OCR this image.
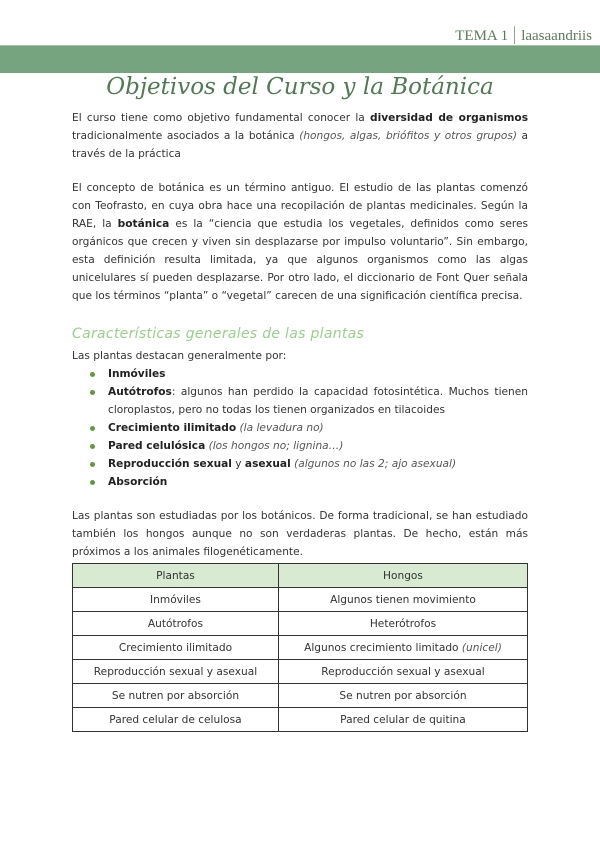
TEMA 1 laasaandriis
Objetivos del Curso y la Botánica

El curso tiene como objetivo fundamental conocer la diversidad de organismos tradicionalmente asociados a la botánica (hongos, algas, briófitos y otros grupos) a través de la práctica

El concepto de botánica es un término antiguo. El estudio de las plantas comenzó con Teofrasto, en cuya obra hace una recopilación de plantas medicinales. Según la RAE, la botánica es la “ciencia que estudia los vegetales, definidos como seres orgánicos que crecen y viven sin desplazarse por impulso voluntario”. Sin embargo, esta definición resulta limitada, ya que algunos organismos como las algas unicelulares sí pueden desplazarse. Por otro lado, el diccionario de Font Quer señala que los términos “planta” o “vegetal” carecen de una significación científica precisa.

Características generales de las plantas

Las plantas destacan generalmente por:

Inmóviles
Autótrofos: algunos han perdido la capacidad fotosintética. Muchos tienen cloroplastos, pero no todas los tienen organizados en tilacoides
Crecimiento ilimitado (la levadura no)
Pared celulósica (los hongos no; lignina…)
Reproducción sexual y asexual (algunos no las 2; ajo asexual)
Absorción

Las plantas son estudiadas por los botánicos. De forma tradicional, se han estudiado también los hongos aunque no son verdaderas plantas. De hecho, están más próximos a los animales filogenéticamente.

Plantas	Hongos
Inmóviles	Algunos tienen movimiento
Autótrofos	Heterótrofos
Crecimiento ilimitado	Algunos crecimiento limitado (unicel)
Reproducción sexual y asexual	Reproducción sexual y asexual
Se nutren por absorción	Se nutren por absorción
Pared celular de celulosa	Pared celular de quitina
